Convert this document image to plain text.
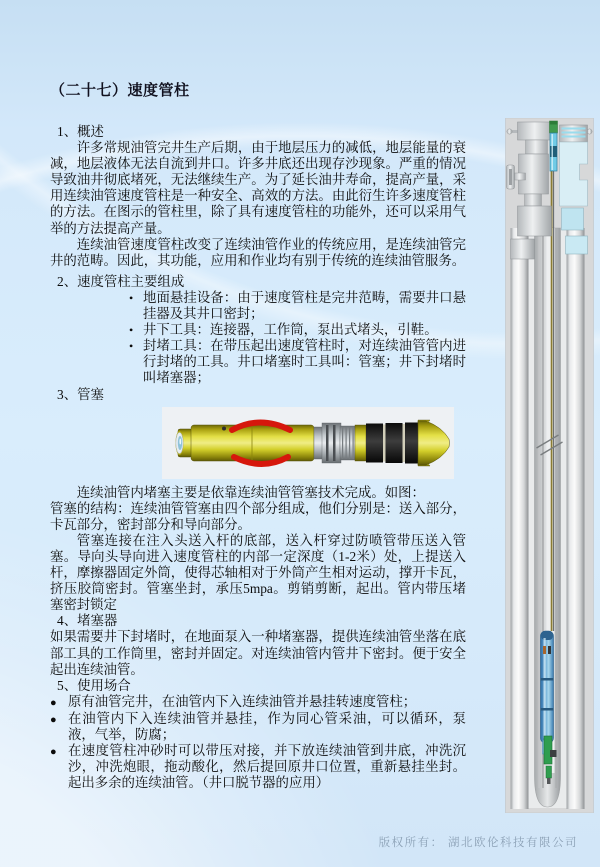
（二十七）速度管柱
1、概述
许多常规油管完井生产后期，由于地层压力的减低，地层能量的衰减，地层液体无法自流到井口。许多井底还出现存沙现象。严重的情况导致油井彻底堵死，无法继续生产。为了延长油井寿命，提高产量，采用连续油管速度管柱是一种安全、高效的方法。由此衍生许多速度管柱的方法。在图示的管柱里，除了具有速度管柱的功能外，还可以采用气举的方法提高产量。
连续油管速度管柱改变了连续油管作业的传统应用，是连续油管完井的范畴。因此，其功能，应用和作业均有别于传统的连续油管服务。
2、速度管柱主要组成
• 地面悬挂设备：由于速度管柱是完井范畴，需要井口悬挂器及其井口密封；
• 井下工具：连接器，工作筒，泵出式堵头，引鞋。
• 封堵工具：在带压起出速度管柱时，对连续油管管内进行封堵的工具。井口堵塞时工具叫：管塞；井下封堵时叫堵塞器；
3、管塞
连续油管内堵塞主要是依靠连续油管管塞技术完成。如图：
管塞的结构：连续油管管塞由四个部分组成，他们分别是：送入部分，卡瓦部分，密封部分和导向部分。
管塞连接在注入头送入杆的底部，送入杆穿过防喷管带压送入管塞。导向头导向进入速度管柱的内部一定深度（1-2米）处，上提送入杆，摩擦器固定外筒，使得芯轴相对于外筒产生相对运动，撑开卡瓦，挤压胶筒密封。管塞坐封，承压5mpa。剪销剪断，起出。管内带压堵塞密封锁定
4、堵塞器
如果需要井下封堵时，在地面泵入一种堵塞器，提供连续油管坐落在底部工具的工作筒里，密封并固定。对连续油管内管井下密封。便于安全起出连续油管。
5、使用场合
● 原有油管完井，在油管内下入连续油管并悬挂转速度管柱；
● 在油管内下入连续油管并悬挂，作为同心管采油，可以循环，泵液，气举，防腐；
● 在速度管柱冲砂时可以带压对接，并下放连续油管到井底，冲洗沉沙，冲洗炮眼，拖动酸化，然后提回原井口位置，重新悬挂坐封。起出多余的连续油管。（井口脱节器的应用）
版权所有： 湖北欧伦科技有限公司
